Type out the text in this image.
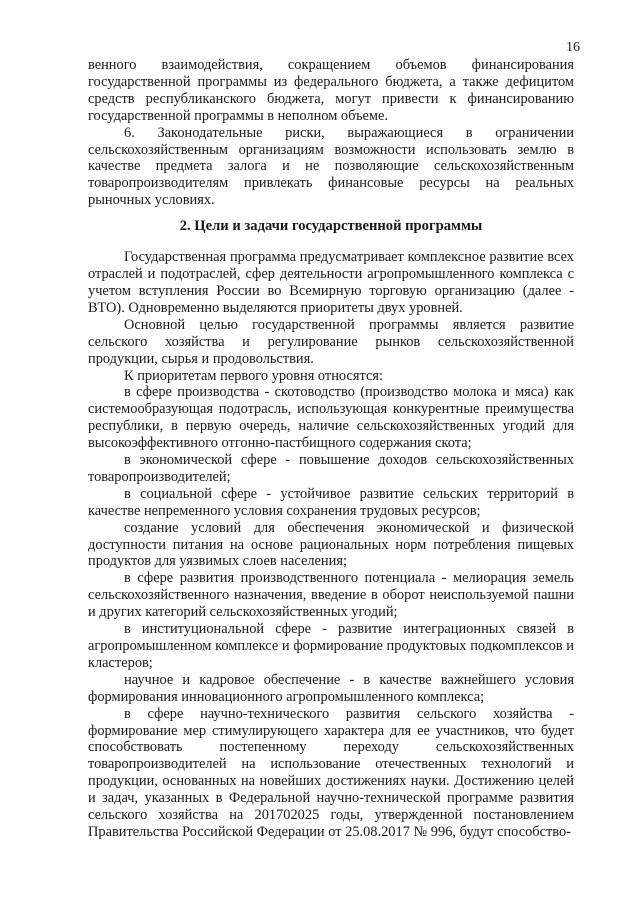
16

венного взаимодействия, сокращением объемов финансирования государственной программы из федерального бюджета, а также дефицитом средств республиканского бюджета, могут привести к финансированию государственной программы в неполном объеме.

6. Законодательные риски, выражающиеся в ограничении сельскохозяйственным организациям возможности использовать землю в качестве предмета залога и не позволяющие сельскохозяйственным товаропроизводителям привлекать финансовые ресурсы на реальных рыночных условиях.

2. Цели и задачи государственной программы

Государственная программа предусматривает комплексное развитие всех отраслей и подотраслей, сфер деятельности агропромышленного комплекса с учетом вступления России во Всемирную торговую организацию (далее - ВТО). Одновременно выделяются приоритеты двух уровней.

Основной целью государственной программы является развитие сельского хозяйства и регулирование рынков сельскохозяйственной продукции, сырья и продовольствия.

К приоритетам первого уровня относятся:

в сфере производства - скотоводство (производство молока и мяса) как системообразующая подотрасль, использующая конкурентные преимущества республики, в первую очередь, наличие сельскохозяйственных угодий для высокоэффективного отгонно-пастбищного содержания скота;

в экономической сфере - повышение доходов сельскохозяйственных товаропроизводителей;

в социальной сфере - устойчивое развитие сельских территорий в качестве непременного условия сохранения трудовых ресурсов;

создание условий для обеспечения экономической и физической доступности питания на основе рациональных норм потребления пищевых продуктов для уязвимых слоев населения;

в сфере развития производственного потенциала - мелиорация земель сельскохозяйственного назначения, введение в оборот неиспользуемой пашни и других категорий сельскохозяйственных угодий;

в институциональной сфере - развитие интеграционных связей в агропромышленном комплексе и формирование продуктовых подкомплексов и кластеров;

научное и кадровое обеспечение - в качестве важнейшего условия формирования инновационного агропромышленного комплекса;

в сфере научно-технического развития сельского хозяйства - формирование мер стимулирующего характера для ее участников, что будет способствовать постепенному переходу сельскохозяйственных товаропроизводителей на использование отечественных технологий и продукции, основанных на новейших достижениях науки. Достижению целей и задач, указанных в Федеральной научно-технической программе развития сельского хозяйства на 201702025 годы, утвержденной постановлением Правительства Российской Федерации от 25.08.2017 № 996, будут способство-
